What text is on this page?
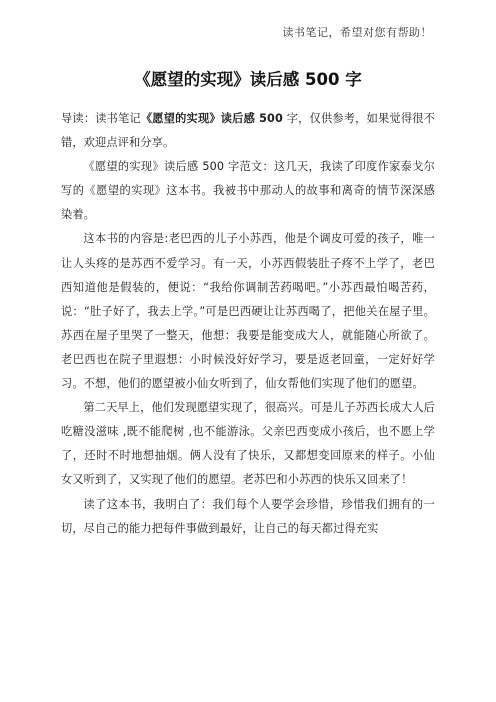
读书笔记，希望对您有帮助！
《愿望的实现》读后感 500 字

导读：读书笔记《愿望的实现》读后感 500 字，仅供参考，如果觉得很不错，欢迎点评和分享。

《愿望的实现》读后感 500 字范文：这几天，我读了印度作家泰戈尔写的《愿望的实现》这本书。我被书中那动人的故事和离奇的情节深深感染着。

这本书的内容是:老巴西的儿子小苏西，他是个调皮可爱的孩子，唯一让人头疼的是苏西不爱学习。有一天，小苏西假装肚子疼不上学了，老巴西知道他是假装的，便说：“我给你调制苦药喝吧。”小苏西最怕喝苦药，说：“肚子好了，我去上学。”可是巴西硬让让苏西喝了，把他关在屋子里。苏西在屋子里哭了一整天，他想：我要是能变成大人，就能随心所欲了。老巴西也在院子里遐想：小时候没好好学习，要是返老回童，一定好好学习。不想，他们的愿望被小仙女听到了，仙女帮他们实现了他们的愿望。

第二天早上，他们发现愿望实现了，很高兴。可是儿子苏西长成大人后吃糖没滋味 ,既不能爬树 ,也不能游泳。父亲巴西变成小孩后，也不愿上学了，还时不时地想抽烟。俩人没有了快乐，又都想变回原来的样子。小仙女又听到了，又实现了他们的愿望。老苏巴和小苏西的快乐又回来了！

读了这本书，我明白了：我们每个人要学会珍惜，珍惜我们拥有的一切，尽自己的能力把每件事做到最好，让自己的每天都过得充实
